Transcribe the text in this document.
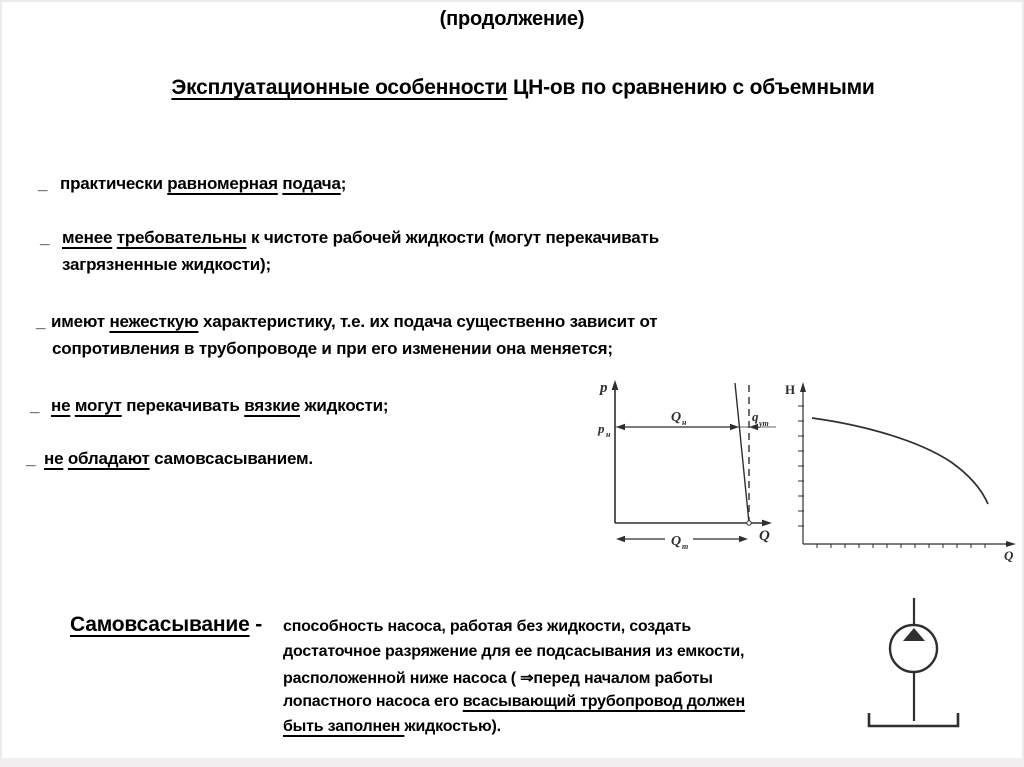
(продолжение)
Эксплуатационные особенности ЦН-ов по сравнению с объемными
_ практически равномерная подача;
_ менее требовательны к чистоте рабочей жидкости (могут перекачивать
загрязненные жидкости);
_ имеют нежесткую характеристику, т.е. их подача существенно зависит от
сопротивления в трубопроводе и при его изменении она меняется;
_ не могут перекачивать вязкие жидкости;
_ не обладают самовсасыванием.
p
Q
p н
Q н	q ут
Q т
H
Q
Самовсасывание - способность насоса, работая без жидкости, создать
достаточное разряжение для ее подсасывания из емкости,
расположенной ниже насоса ( ⇒перед началом работы
лопастного насоса его всасывающий трубопровод должен
быть заполнен жидкостью).
